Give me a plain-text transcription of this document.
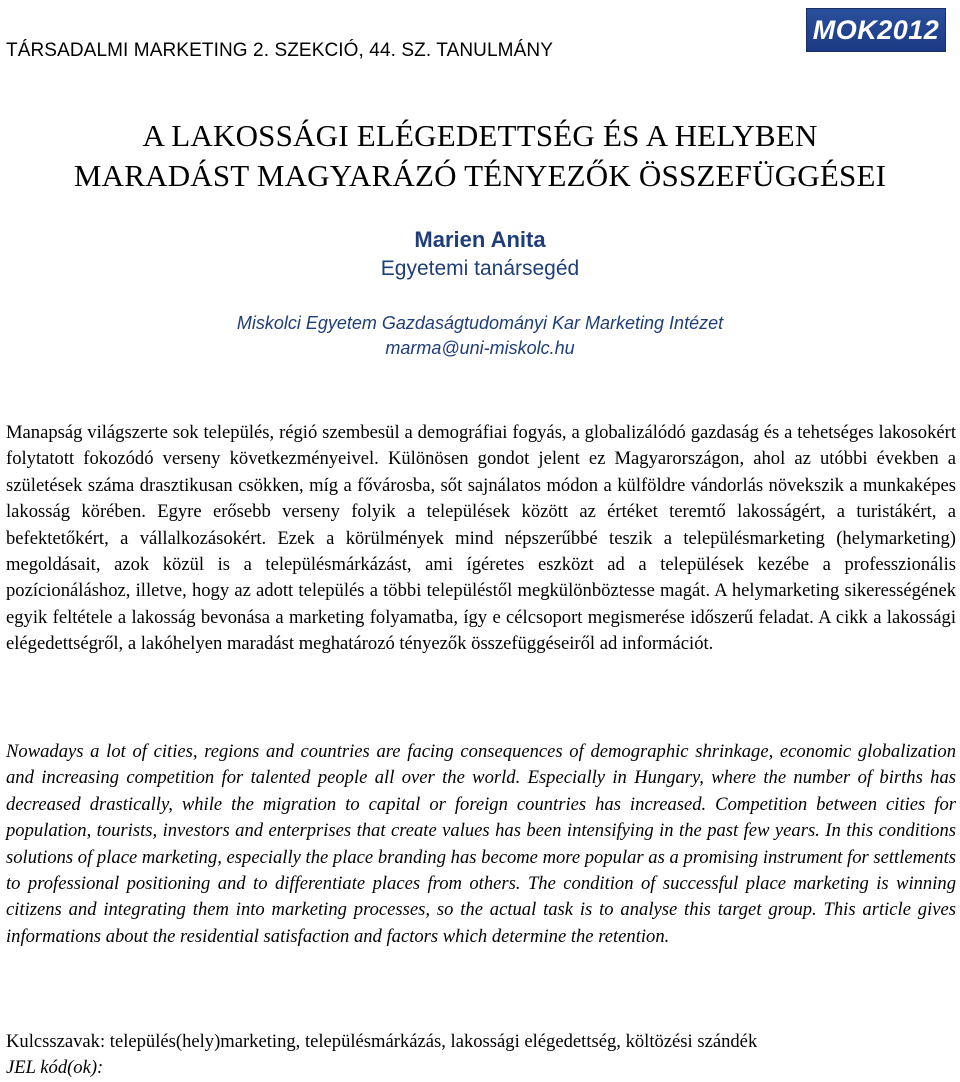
TÁRSADALMI MARKETING 2. SZEKCIÓ, 44. SZ. TANULMÁNY
MOK2012
A LAKOSSÁGI ELÉGEDETTSÉG ÉS A HELYBEN
MARADÁST MAGYARÁZÓ TÉNYEZŐK ÖSSZEFÜGGÉSEI
Marien Anita
Egyetemi tanársegéd
Miskolci Egyetem Gazdaságtudományi Kar Marketing Intézet
marma@uni-miskolc.hu

Manapság világszerte sok település, régió szembesül a demográfiai fogyás, a globalizálódó gazdaság és a tehetséges lakosokért folytatott fokozódó verseny következményeivel. Különösen gondot jelent ez Magyarországon, ahol az utóbbi években a születések száma drasztikusan csökken, míg a fővárosba, sőt sajnálatos módon a külföldre vándorlás növekszik a munkaképes lakosság körében. Egyre erősebb verseny folyik a települések között az értéket teremtő lakosságért, a turistákért, a befektetőkért, a vállalkozásokért. Ezek a körülmények mind népszerűbbé teszik a településmarketing (helymarketing) megoldásait, azok közül is a településmárkázást, ami ígéretes eszközt ad a települések kezébe a professzionális pozícionáláshoz, illetve, hogy az adott település a többi településtől megkülönböztesse magát. A helymarketing sikerességének egyik feltétele a lakosság bevonása a marketing folyamatba, így e célcsoport megismerése időszerű feladat. A cikk a lakossági elégedettségről, a lakóhelyen maradást meghatározó tényezők összefüggéseiről ad információt.

Nowadays a lot of cities, regions and countries are facing consequences of demographic shrinkage, economic globalization and increasing competition for talented people all over the world. Especially in Hungary, where the number of births has decreased drastically, while the migration to capital or foreign countries has increased. Competition between cities for population, tourists, investors and enterprises that create values has been intensifying in the past few years. In this conditions solutions of place marketing, especially the place branding has become more popular as a promising instrument for settlements to professional positioning and to differentiate places from others. The condition of successful place marketing is winning citizens and integrating them into marketing processes, so the actual task is to analyse this target group. This article gives informations about the residential satisfaction and factors which determine the retention.

Kulcsszavak: település(hely)marketing, településmárkázás, lakossági elégedettség, költözési szándék
JEL kód(ok):
